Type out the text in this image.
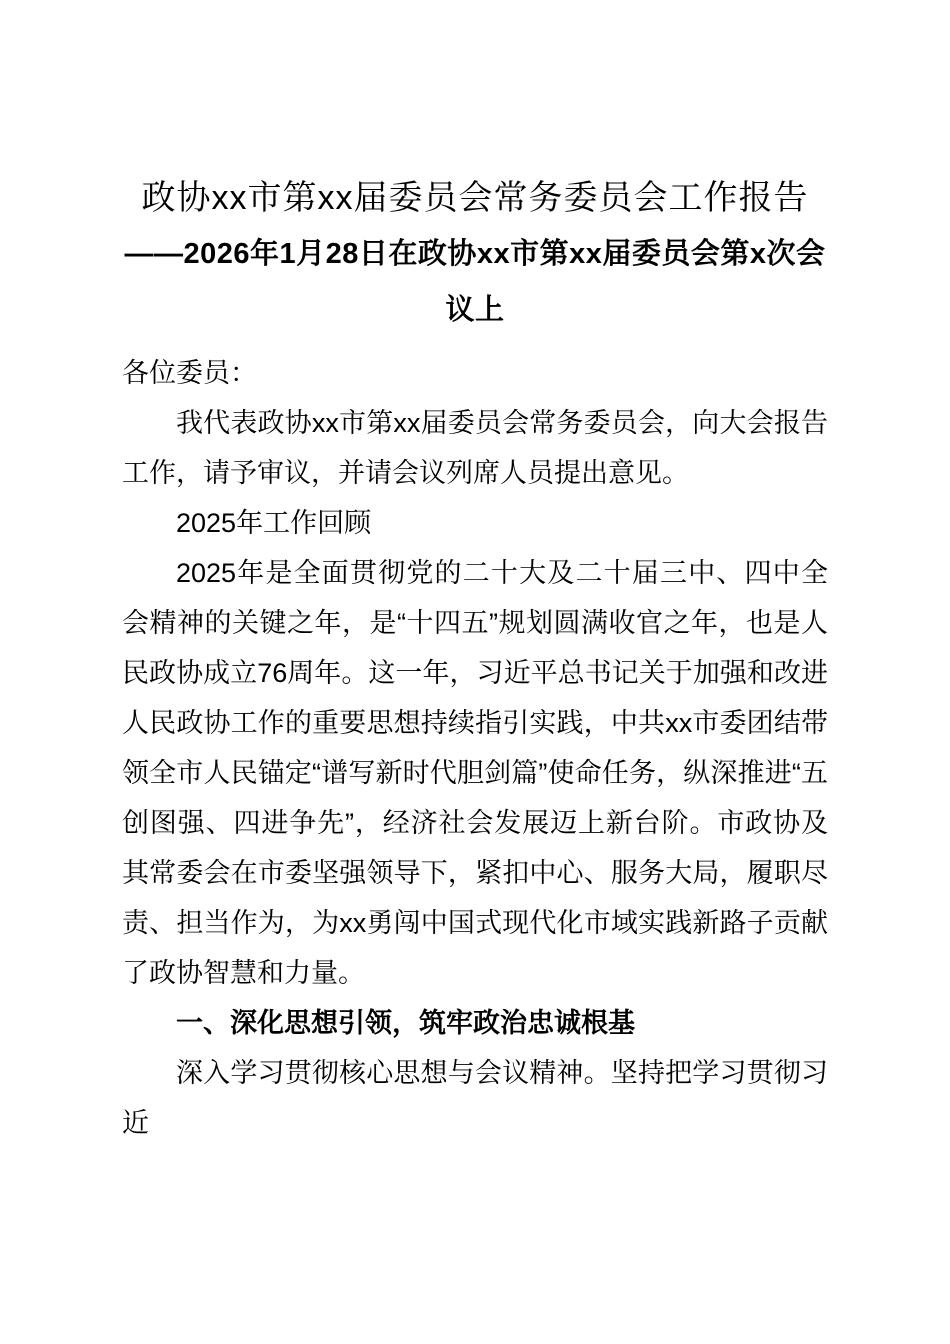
政协xx市第xx届委员会常务委员会工作报告
——2026年1月28日在政协xx市第xx届委员会第x次会议上

各位委员：

我代表政协xx市第xx届委员会常务委员会，向大会报告工作，请予审议，并请会议列席人员提出意见。

2025年工作回顾

2025年是全面贯彻党的二十大及二十届三中、四中全会精神的关键之年，是“十四五”规划圆满收官之年，也是人民政协成立76周年。这一年，习近平总书记关于加强和改进人民政协工作的重要思想持续指引实践，中共xx市委团结带领全市人民锚定“谱写新时代胆剑篇”使命任务，纵深推进“五创图强、四进争先”，经济社会发展迈上新台阶。市政协及其常委会在市委坚强领导下，紧扣中心、服务大局，履职尽责、担当作为，为xx勇闯中国式现代化市域实践新路子贡献了政协智慧和力量。

一、深化思想引领，筑牢政治忠诚根基

深入学习贯彻核心思想与会议精神。坚持把学习贯彻习近
